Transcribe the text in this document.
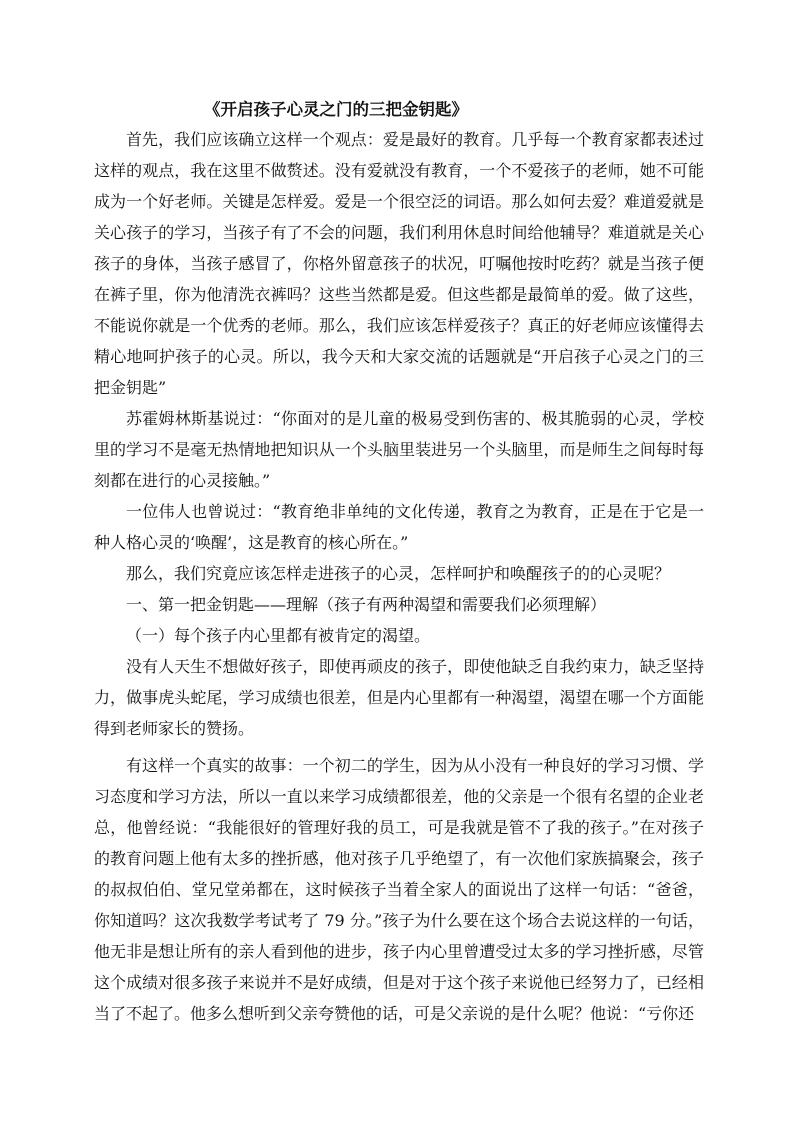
《开启孩子心灵之门的三把金钥匙》

首先，我们应该确立这样一个观点：爱是最好的教育。几乎每一个教育家都表述过这样的观点，我在这里不做赘述。没有爱就没有教育，一个不爱孩子的老师，她不可能成为一个好老师。关键是怎样爱。爱是一个很空泛的词语。那么如何去爱？难道爱就是关心孩子的学习，当孩子有了不会的问题，我们利用休息时间给他辅导？难道就是关心孩子的身体，当孩子感冒了，你格外留意孩子的状况，叮嘱他按时吃药？就是当孩子便在裤子里，你为他清洗衣裤吗？这些当然都是爱。但这些都是最简单的爱。做了这些，不能说你就是一个优秀的老师。那么，我们应该怎样爱孩子？真正的好老师应该懂得去精心地呵护孩子的心灵。所以，我今天和大家交流的话题就是“开启孩子心灵之门的三把金钥匙”

苏霍姆林斯基说过：“你面对的是儿童的极易受到伤害的、极其脆弱的心灵，学校里的学习不是毫无热情地把知识从一个头脑里装进另一个头脑里，而是师生之间每时每刻都在进行的心灵接触。”

一位伟人也曾说过：“教育绝非单纯的文化传递，教育之为教育，正是在于它是一种人格心灵的‘唤醒’，这是教育的核心所在。”

那么，我们究竟应该怎样走进孩子的心灵，怎样呵护和唤醒孩子的的心灵呢？

一、第一把金钥匙——理解（孩子有两种渴望和需要我们必须理解）

（一）每个孩子内心里都有被肯定的渴望。

没有人天生不想做好孩子，即使再顽皮的孩子，即使他缺乏自我约束力，缺乏坚持力，做事虎头蛇尾，学习成绩也很差，但是内心里都有一种渴望，渴望在哪一个方面能得到老师家长的赞扬。

有这样一个真实的故事：一个初二的学生，因为从小没有一种良好的学习习惯、学习态度和学习方法，所以一直以来学习成绩都很差，他的父亲是一个很有名望的企业老总，他曾经说：“我能很好的管理好我的员工，可是我就是管不了我的孩子。”在对孩子的教育问题上他有太多的挫折感，他对孩子几乎绝望了，有一次他们家族搞聚会，孩子的叔叔伯伯、堂兄堂弟都在，这时候孩子当着全家人的面说出了这样一句话：“爸爸，你知道吗？这次我数学考试考了 79 分。”孩子为什么要在这个场合去说这样的一句话，他无非是想让所有的亲人看到他的进步，孩子内心里曾遭受过太多的学习挫折感，尽管这个成绩对很多孩子来说并不是好成绩，但是对于这个孩子来说他已经努力了，已经相当了不起了。他多么想听到父亲夸赞他的话，可是父亲说的是什么呢？他说：“亏你还
